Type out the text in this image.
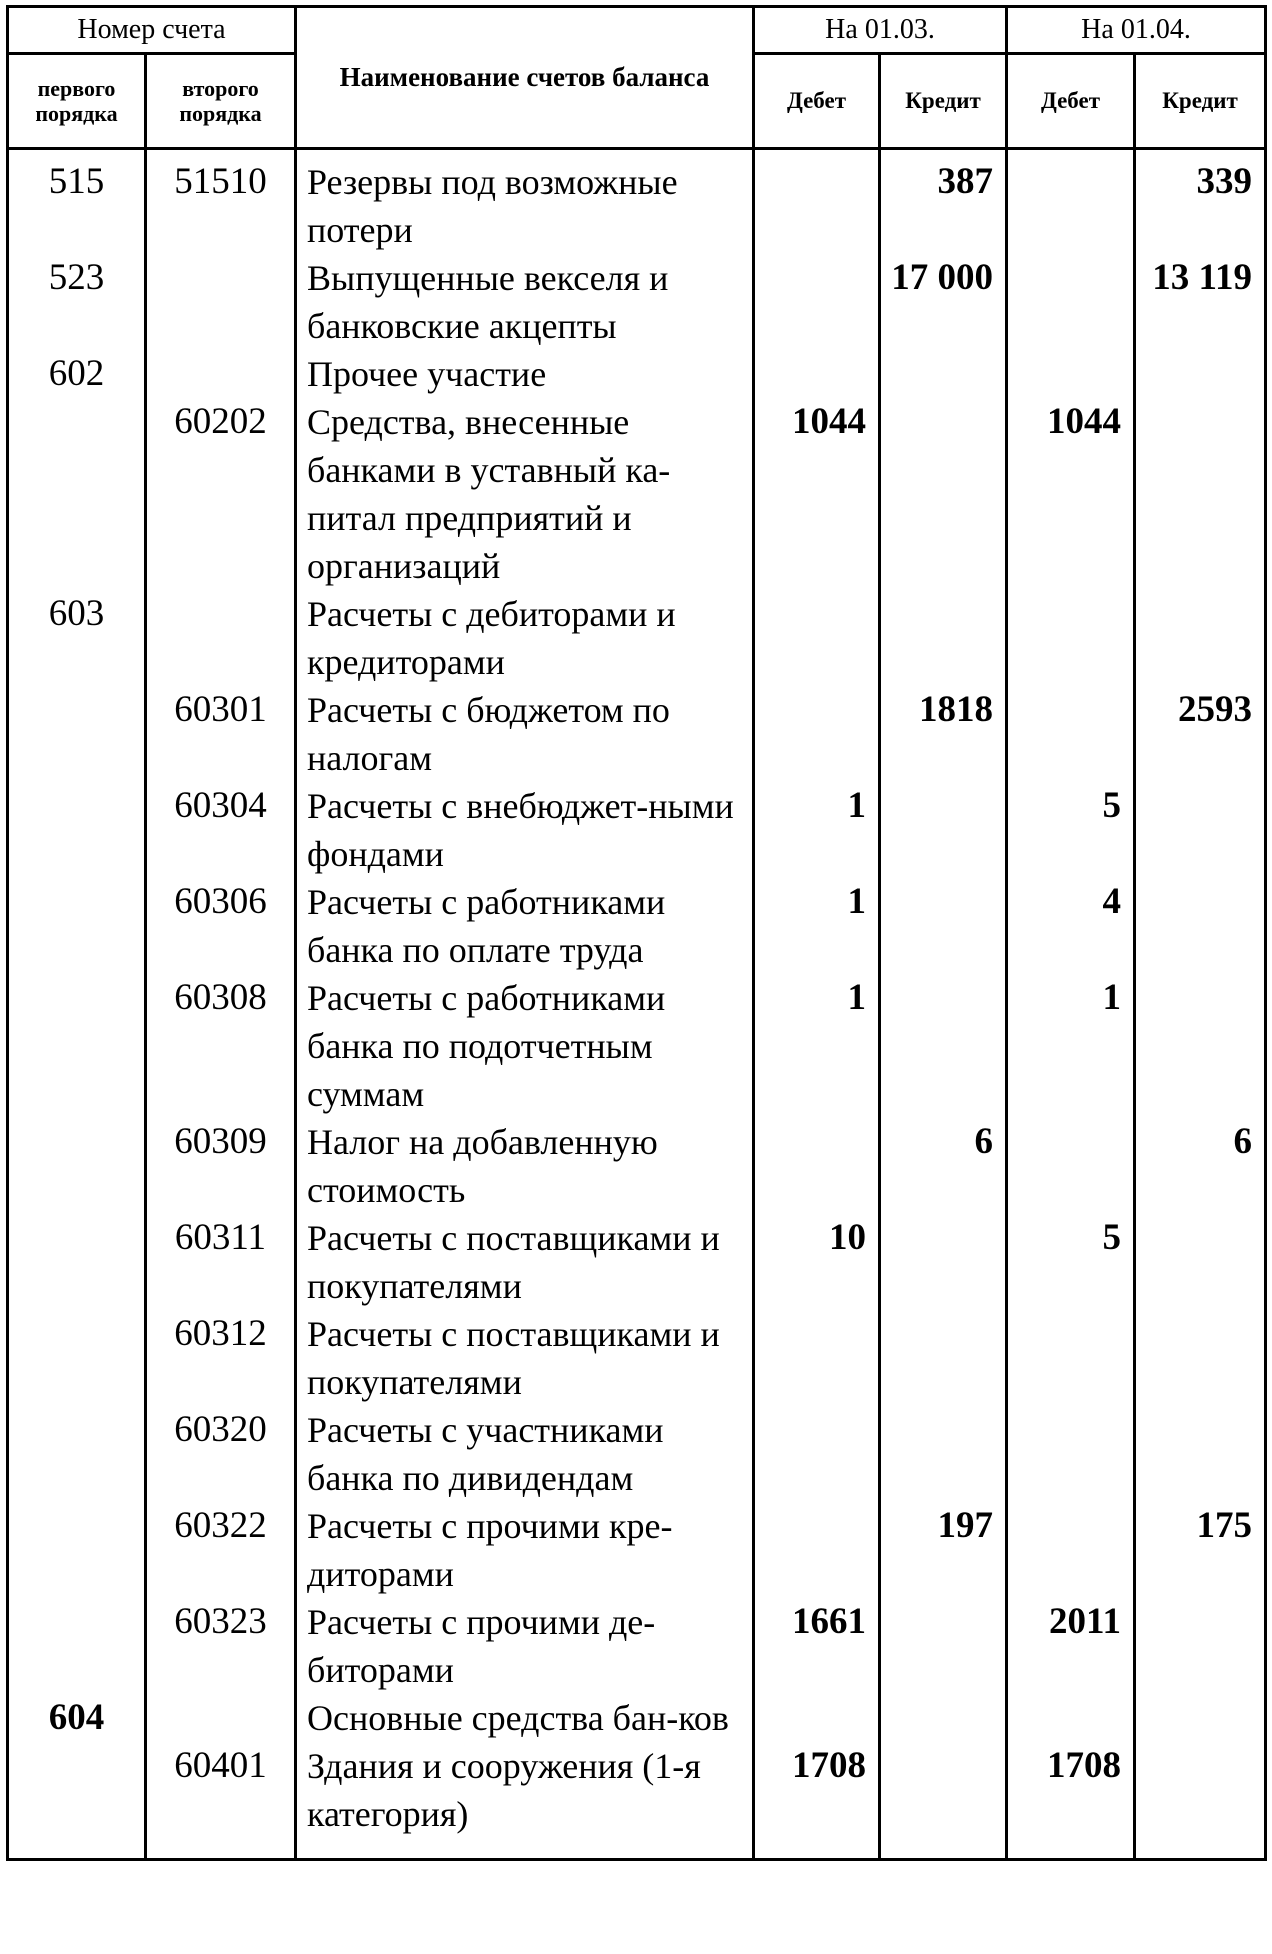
Номер счета		Наименование счетов баланса	На 01.03.		На 01.04.	
первого порядка	второго порядка		Дебет	Кредит	Дебет	Кредит
515	51510	Резервы под возможные потери		387		339
523		Выпущенные векселя и банковские акцепты		17 000		13 119
602		Прочее участие				
	60202	Средства, внесенные банками в уставный ка-питал предприятий и организаций	1044		1044	
603		Расчеты с дебиторами и кредиторами				
	60301	Расчеты с бюджетом по налогам		1818		2593
	60304	Расчеты с внебюджет-ными фондами	1		5	
	60306	Расчеты с работниками банка по оплате труда	1		4	
	60308	Расчеты с работниками банка по подотчетным суммам	1		1	
	60309	Налог на добавленную стоимость		6		6
	60311	Расчеты с поставщиками и покупателями	10		5	
	60312	Расчеты с поставщиками и покупателями				
	60320	Расчеты с участниками банка по дивидендам				
	60322	Расчеты с прочими кре-диторами		197		175
	60323	Расчеты с прочими де-биторами	1661		2011	
604		Основные средства бан-ков				
	60401	Здания и сооружения (1-я категория)	1708		1708	
